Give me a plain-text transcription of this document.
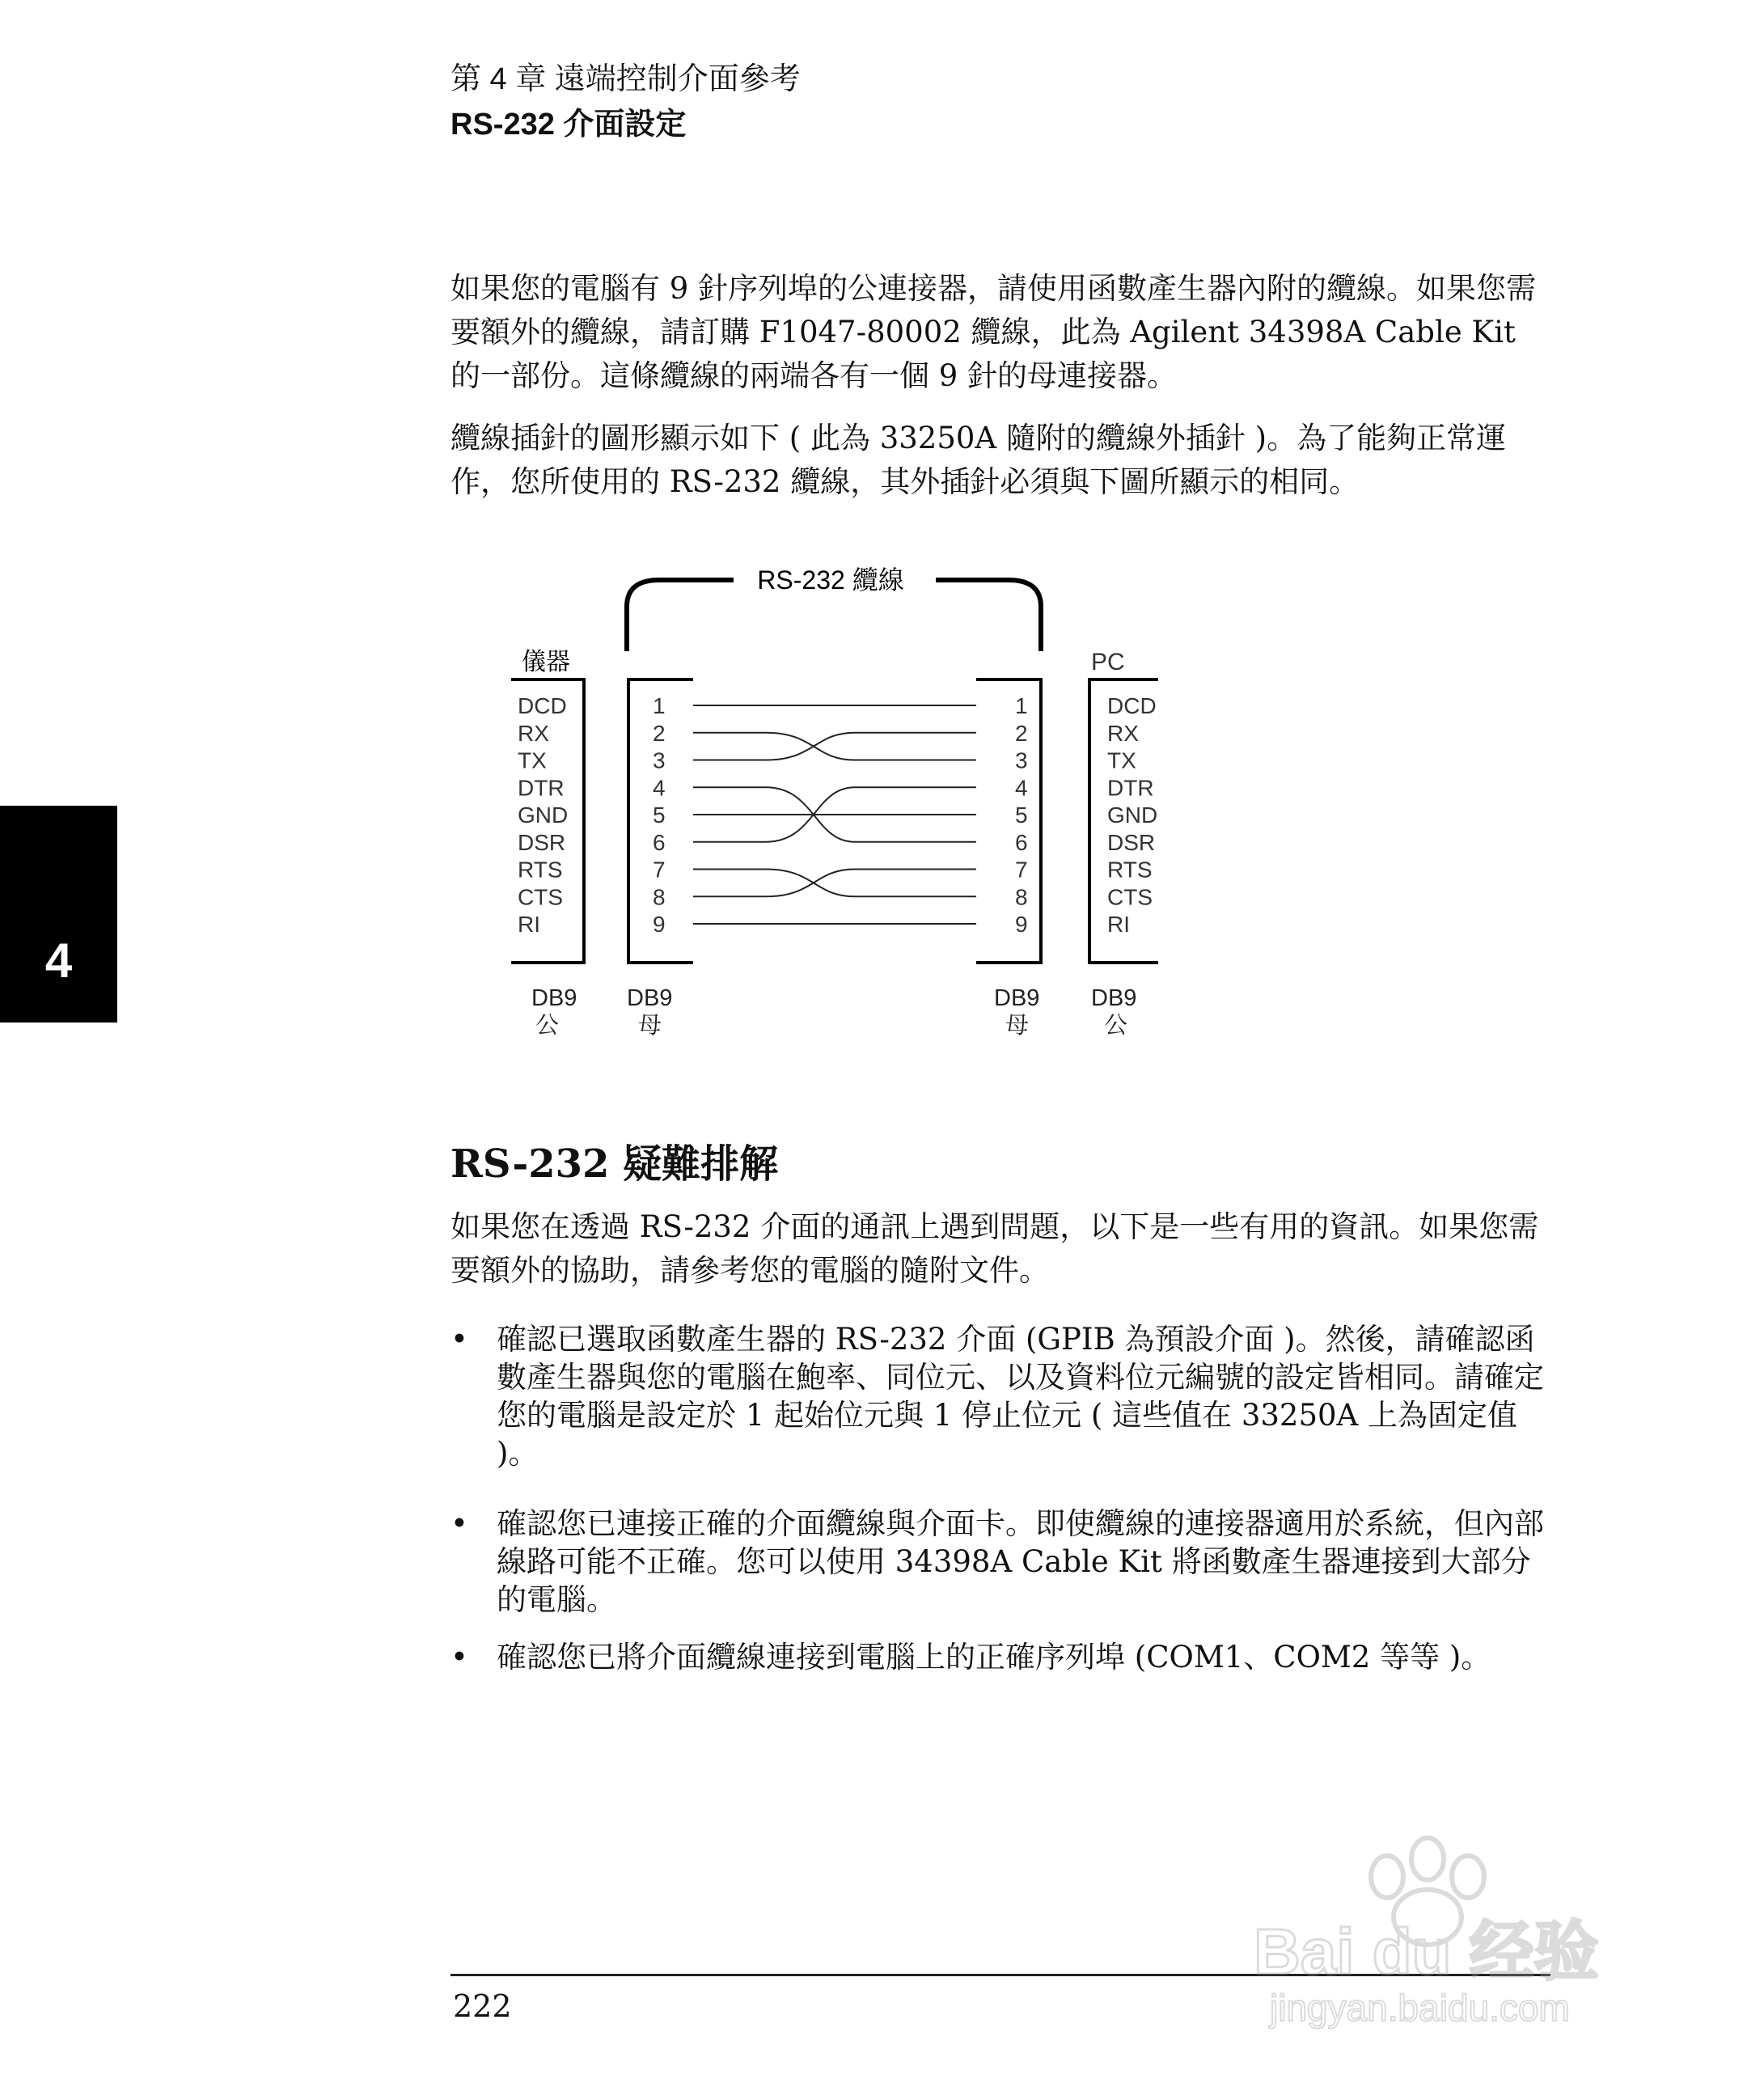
第 4 章 遠端控制介面參考
RS-232 介面設定

如果您的電腦有 9 針序列埠的公連接器，請使用函數產生器內附的纜線。如果您需要額外的纜線，請訂購 F1047-80002 纜線，此為 Agilent 34398A Cable Kit 的一部份。這條纜線的兩端各有一個 9 針的母連接器。

纜線插針的圖形顯示如下 ( 此為 33250A 隨附的纜線外插針 )。為了能夠正常運作，您所使用的 RS-232 纜線，其外插針必須與下圖所顯示的相同。

RS-232 纜線
儀器	PC
DCD
RX
TX
DTR
GND
DSR
RTS
CTS
RI
1
2
3
4
5
6
7
8
9
1
2
3
4
5
6
7
8
9
DCD
RX
TX
DTR
GND
DSR
RTS
CTS
RI
DB9
公
DB9
母
DB9
母
DB9
公
4
RS-232 疑難排解

如果您在透過 RS-232 介面的通訊上遇到問題，以下是一些有用的資訊。如果您需要額外的協助，請參考您的電腦的隨附文件。

• 確認已選取函數產生器的 RS-232 介面 (GPIB 為預設介面 )。然後，請確認函數產生器與您的電腦在鮑率、同位元、以及資料位元編號的設定皆相同。請確定您的電腦是設定於 1 起始位元與 1 停止位元 ( 這些值在 33250A 上為固定值 )。
• 確認您已連接正確的介面纜線與介面卡。即使纜線的連接器適用於系統，但內部線路可能不正確。您可以使用 34398A Cable Kit 將函數產生器連接到大部分的電腦。
• 確認您已將介面纜線連接到電腦上的正確序列埠 (COM1、COM2 等等 )。
222
Bai du 经验
jingyan.baidu.com
